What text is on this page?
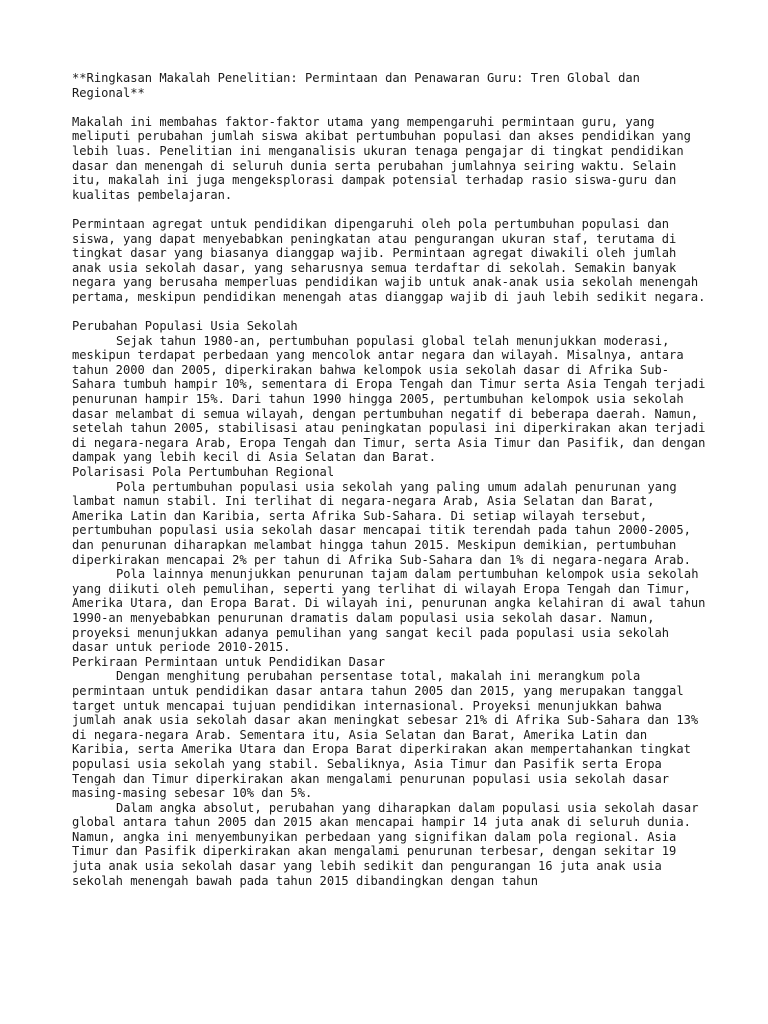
**Ringkasan Makalah Penelitian: Permintaan dan Penawaran Guru: Tren Global dan Regional**

Makalah ini membahas faktor-faktor utama yang mempengaruhi permintaan guru, yang meliputi perubahan jumlah siswa akibat pertumbuhan populasi dan akses pendidikan yang lebih luas. Penelitian ini menganalisis ukuran tenaga pengajar di tingkat pendidikan dasar dan menengah di seluruh dunia serta perubahan jumlahnya seiring waktu. Selain itu, makalah ini juga mengeksplorasi dampak potensial terhadap rasio siswa-guru dan kualitas pembelajaran.

Permintaan agregat untuk pendidikan dipengaruhi oleh pola pertumbuhan populasi dan siswa, yang dapat menyebabkan peningkatan atau pengurangan ukuran staf, terutama di tingkat dasar yang biasanya dianggap wajib. Permintaan agregat diwakili oleh jumlah anak usia sekolah dasar, yang seharusnya semua terdaftar di sekolah. Semakin banyak negara yang berusaha memperluas pendidikan wajib untuk anak-anak usia sekolah menengah pertama, meskipun pendidikan menengah atas dianggap wajib di jauh lebih sedikit negara.

Perubahan Populasi Usia Sekolah

Sejak tahun 1980-an, pertumbuhan populasi global telah menunjukkan moderasi, meskipun terdapat perbedaan yang mencolok antar negara dan wilayah. Misalnya, antara tahun 2000 dan 2005, diperkirakan bahwa kelompok usia sekolah dasar di Afrika Sub-Sahara tumbuh hampir 10%, sementara di Eropa Tengah dan Timur serta Asia Tengah terjadi penurunan hampir 15%. Dari tahun 1990 hingga 2005, pertumbuhan kelompok usia sekolah dasar melambat di semua wilayah, dengan pertumbuhan negatif di beberapa daerah. Namun, setelah tahun 2005, stabilisasi atau peningkatan populasi ini diperkirakan akan terjadi di negara-negara Arab, Eropa Tengah dan Timur, serta Asia Timur dan Pasifik, dan dengan dampak yang lebih kecil di Asia Selatan dan Barat.

Polarisasi Pola Pertumbuhan Regional

Pola pertumbuhan populasi usia sekolah yang paling umum adalah penurunan yang lambat namun stabil. Ini terlihat di negara-negara Arab, Asia Selatan dan Barat, Amerika Latin dan Karibia, serta Afrika Sub-Sahara. Di setiap wilayah tersebut, pertumbuhan populasi usia sekolah dasar mencapai titik terendah pada tahun 2000-2005, dan penurunan diharapkan melambat hingga tahun 2015. Meskipun demikian, pertumbuhan diperkirakan mencapai 2% per tahun di Afrika Sub-Sahara dan 1% di negara-negara Arab.

Pola lainnya menunjukkan penurunan tajam dalam pertumbuhan kelompok usia sekolah yang diikuti oleh pemulihan, seperti yang terlihat di wilayah Eropa Tengah dan Timur, Amerika Utara, dan Eropa Barat. Di wilayah ini, penurunan angka kelahiran di awal tahun 1990-an menyebabkan penurunan dramatis dalam populasi usia sekolah dasar. Namun, proyeksi menunjukkan adanya pemulihan yang sangat kecil pada populasi usia sekolah dasar untuk periode 2010-2015.

Perkiraan Permintaan untuk Pendidikan Dasar

Dengan menghitung perubahan persentase total, makalah ini merangkum pola permintaan untuk pendidikan dasar antara tahun 2005 dan 2015, yang merupakan tanggal target untuk mencapai tujuan pendidikan internasional. Proyeksi menunjukkan bahwa jumlah anak usia sekolah dasar akan meningkat sebesar 21% di Afrika Sub-Sahara dan 13% di negara-negara Arab. Sementara itu, Asia Selatan dan Barat, Amerika Latin dan Karibia, serta Amerika Utara dan Eropa Barat diperkirakan akan mempertahankan tingkat populasi usia sekolah yang stabil. Sebaliknya, Asia Timur dan Pasifik serta Eropa Tengah dan Timur diperkirakan akan mengalami penurunan populasi usia sekolah dasar masing-masing sebesar 10% dan 5%.

Dalam angka absolut, perubahan yang diharapkan dalam populasi usia sekolah dasar global antara tahun 2005 dan 2015 akan mencapai hampir 14 juta anak di seluruh dunia. Namun, angka ini menyembunyikan perbedaan yang signifikan dalam pola regional. Asia Timur dan Pasifik diperkirakan akan mengalami penurunan terbesar, dengan sekitar 19 juta anak usia sekolah dasar yang lebih sedikit dan pengurangan 16 juta anak usia sekolah menengah bawah pada tahun 2015 dibandingkan dengan tahun
